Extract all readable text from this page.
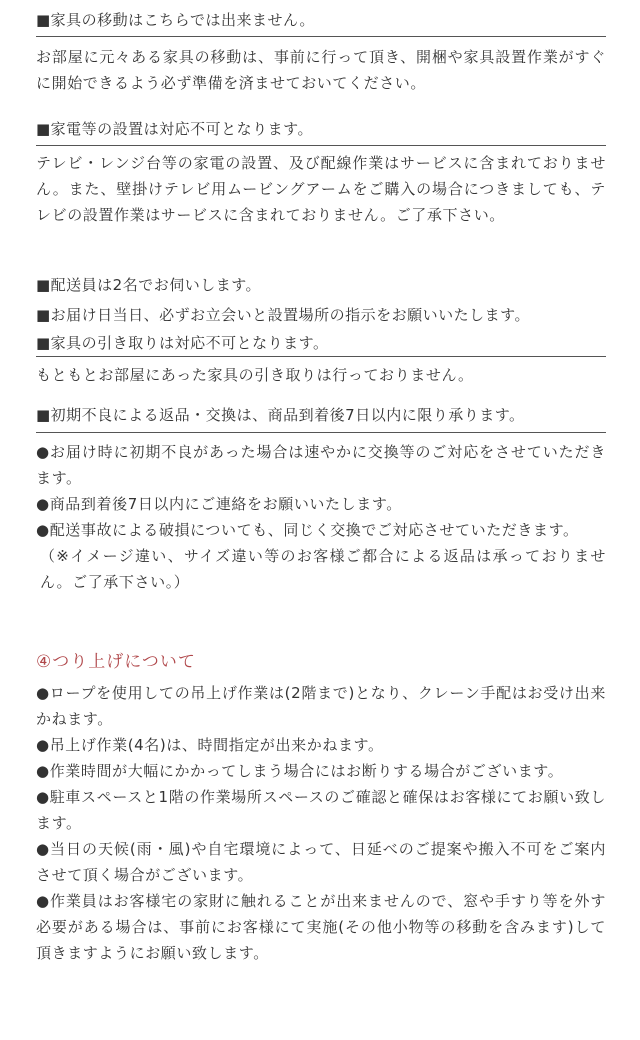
■家具の移動はこちらでは出来ません。

お部屋に元々ある家具の移動は、事前に行って頂き、開梱や家具設置作業がすぐに開始できるよう必ず準備を済ませておいてください。

■家電等の設置は対応不可となります。

テレビ・レンジ台等の家電の設置、及び配線作業はサービスに含まれておりません。また、壁掛けテレビ用ムービングアームをご購入の場合につきましても、テレビの設置作業はサービスに含まれておりません。ご了承下さい。

■配送員は2名でお伺いします。
■お届け日当日、必ずお立会いと設置場所の指示をお願いいたします。
■家具の引き取りは対応不可となります。

もともとお部屋にあった家具の引き取りは行っておりません。

■初期不良による返品・交換は、商品到着後7日以内に限り承ります。

●お届け時に初期不良があった場合は速やかに交換等のご対応をさせていただきます。

●商品到着後7日以内にご連絡をお願いいたします。

●配送事故による破損についても、同じく交換でご対応させていただきます。

（※イメージ違い、サイズ違い等のお客様ご都合による返品は承っておりません。ご了承下さい。）

④つり上げについて

●ロープを使用しての吊上げ作業は(2階まで)となり、クレーン手配はお受け出来かねます。

●吊上げ作業(4名)は、時間指定が出来かねます。

●作業時間が大幅にかかってしまう場合にはお断りする場合がございます。

●駐車スペースと1階の作業場所スペースのご確認と確保はお客様にてお願い致します。

●当日の天候(雨・風)や自宅環境によって、日延べのご提案や搬入不可をご案内させて頂く場合がございます。

●作業員はお客様宅の家財に触れることが出来ませんので、窓や手すり等を外す必要がある場合は、事前にお客様にて実施(その他小物等の移動を含みます)して頂きますようにお願い致します。
